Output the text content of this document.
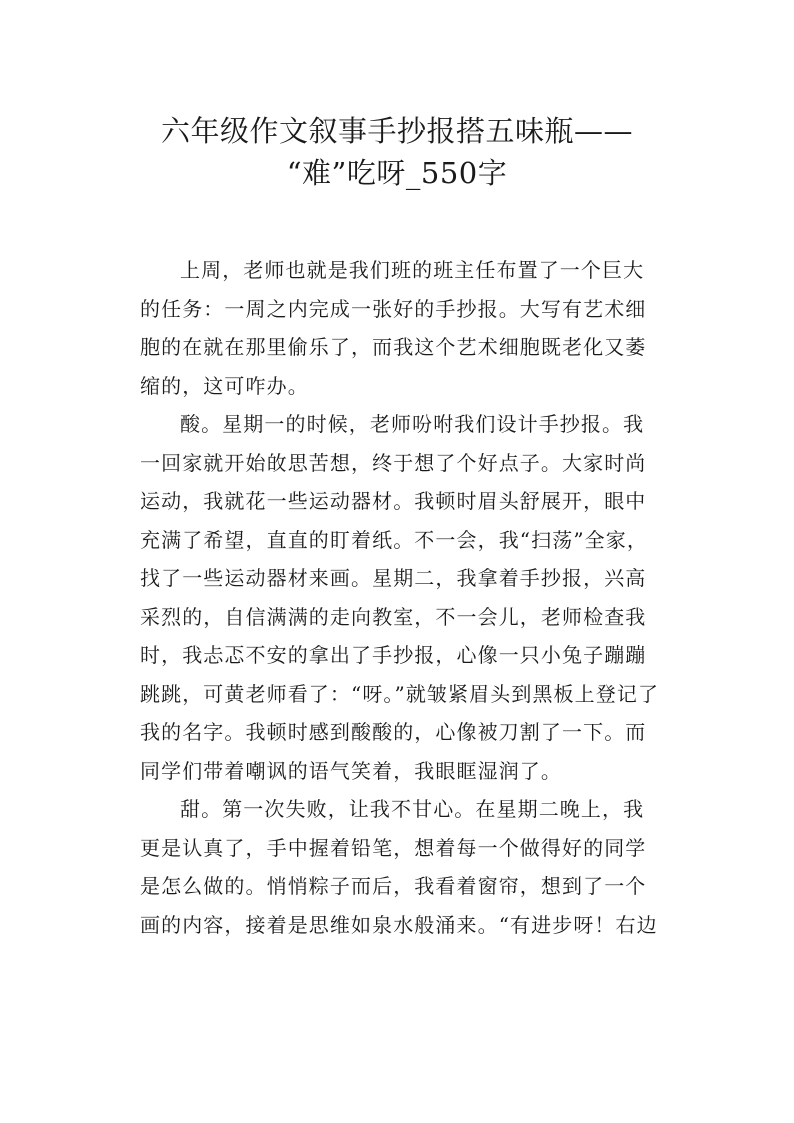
六年级作文叙事手抄报搭五味瓶——
“难”吃呀_550字

上周，老师也就是我们班的班主任布置了一个巨大的任务：一周之内完成一张好的手抄报。大写有艺术细胞的在就在那里偷乐了，而我这个艺术细胞既老化又萎缩的，这可咋办。

酸。星期一的时候，老师吩咐我们设计手抄报。我一回家就开始敀思苦想，终于想了个好点子。大家时尚运动，我就花一些运动器材。我顿时眉头舒展开，眼中充满了希望，直直的盯着纸。不一会，我“扫荡”全家，找了一些运动器材来画。星期二，我拿着手抄报，兴高采烈的，自信满满的走向教室，不一会儿，老师检查我时，我忐忑不安的拿出了手抄报，心像一只小兔子蹦蹦跳跳，可黄老师看了：“呀。”就皱紧眉头到黑板上登记了我的名字。我顿时感到酸酸的，心像被刀割了一下。而同学们带着嘲讽的语气笑着，我眼眶湿润了。

甜。第一次失败，让我不甘心。在星期二晚上，我更是认真了，手中握着铅笔，想着每一个做得好的同学是怎么做的。悄悄粽子而后，我看着窗帘，想到了一个画的内容，接着是思维如泉水般涌来。“有进步呀！右边
